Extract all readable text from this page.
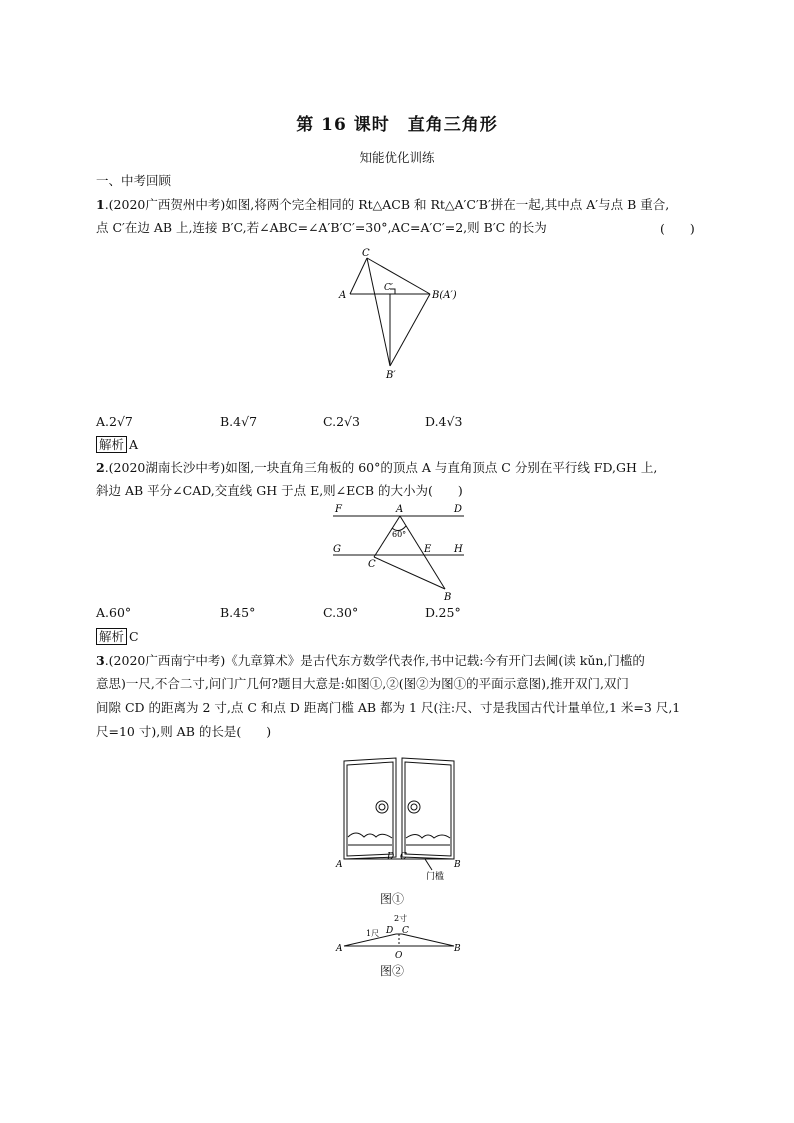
第 16 课时　直角三角形
知能优化训练
一、中考回顾
1.(2020广西贺州中考)如图,将两个完全相同的 Rt△ACB 和 Rt△A′C′B′拼在一起,其中点 A′与点 B 重合,
点 C′在边 AB 上,连接 B′C,若∠ABC=∠A′B′C′=30°,AC=A′C′=2,则 B′C 的长为	(　　)
C
A	B(A′)
C′
B′
A.2√7	B.4√7	C.2√3	D.4√3
解析 A
2.(2020湖南长沙中考)如图,一块直角三角板的 60°的顶点 A 与直角顶点 C 分别在平行线 FD,GH 上,
斜边 AB 平分∠CAD,交直线 GH 于点 E,则∠ECB 的大小为(　　)
F	A	D
60°
G	E H
C
B
A.60°	B.45°	C.30°	D.25°
解析 C
3.(2020广西南宁中考)《九章算术》是古代东方数学代表作,书中记载:今有开门去阃(读 kǔn,门槛的
意思)一尺,不合二寸,问门广几何?题目大意是:如图①,②(图②为图①的平面示意图),推开双门,双门
间隙 CD 的距离为 2 寸,点 C 和点 D 距离门槛 AB 都为 1 尺(注:尺、寸是我国古代计量单位,1 米=3 尺,1
尺=10 寸),则 AB 的长是(　　)
A
D C
B
门槛
图①
2寸
1尺 D C
A	B
O
图②
